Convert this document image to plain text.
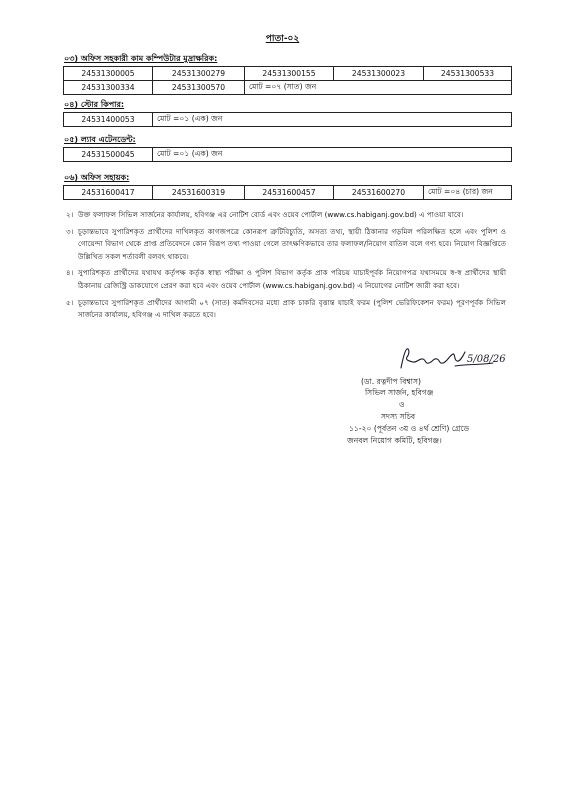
পাতা-০২
০৩) অফিস সহকারী কাম কম্পিউটার মুদ্রাক্ষরিক:
24531300005	24531300279	24531300155	24531300023	24531300533
24531300334	24531300570	মোট =০৭ (সাত) জন		
০৪) স্টোর কিপার:
24531400053	মোট =০১ (এক) জন
০৫) ল্যাব এটেনডেন্ট:
24531500045	মোট =০১ (এক) জন
০৬) অফিস সহায়ক:
24531600417	24531600319	24531600457	24531600270	মোট =০৪ (চার) জন
২। উক্ত ফলাফল সিভিল সার্জনের কার্যালয়, হবিগঞ্জ এর নোটিশ বোর্ড এবং ওয়েব পোর্টাল (www.cs.habiganj.gov.bd) এ পাওয়া যাবে।
৩। চূড়ান্তভাবে সুপারিশকৃত প্রার্থীদের দাখিলকৃত কাগজপত্রে কোনরূপ ত্রুটিবিচ্যুতি, অসত্য তথ্য, স্থায়ী ঠিকানার গড়মিল পরিলক্ষিত হলে এবং পুলিশ ও গোয়েন্দা বিভাগ থেকে প্রাপ্ত প্রতিবেদনে কোন বিরূপ তথ্য পাওয়া গেলে তাৎক্ষণিকভাবে তার ফলাফল/নিয়োগ বাতিল বলে গণ্য হবে। নিয়োগ বিজ্ঞপ্তিতে উল্লিখিত সকল শর্তাবলী বলবৎ থাকবে।
৪। সুপারিশকৃত প্রার্থীদের যথাযথ কর্তৃপক্ষ কর্তৃক স্বাস্থ্য পরীক্ষা ও পুলিশ বিভাগ কর্তৃক প্রাক পরিচয় যাচাইপূর্বক নিয়োগপত্র যথাসময়ে স্ব-স্ব প্রার্থীদের স্থায়ী ঠিকানায় রেজিস্ট্রি ডাকযোগে প্রেরণ করা হবে এবং ওয়েব পোর্টাল (www.cs.habiganj.gov.bd) এ নিয়োগের নোটিশ জারী করা হবে।
৫। চূড়ান্তভাবে সুপারিশকৃত প্রার্থীদের আগামী ০৭ (সাত) কর্মদিবসের মধ্যে প্রাক চাকরি বৃত্তান্ত যাচাই ফরম (পুলিশ ভেরিফিকেশন ফরম) পূরণপূর্বক সিভিল সার্জনের কার্যালয়, হবিগঞ্জ এ দাখিল করতে হবে।
5/08/26
(ডা. রত্নদীপ বিশ্বাস)
সিভিল সার্জন, হবিগঞ্জ
ও
সদস্য সচিব
১১-২০ (পূর্বতন ৩য় ও ৪র্থ শ্রেণি) গ্রেডে
জনবল নিয়োগ কমিটি, হবিগঞ্জ।
